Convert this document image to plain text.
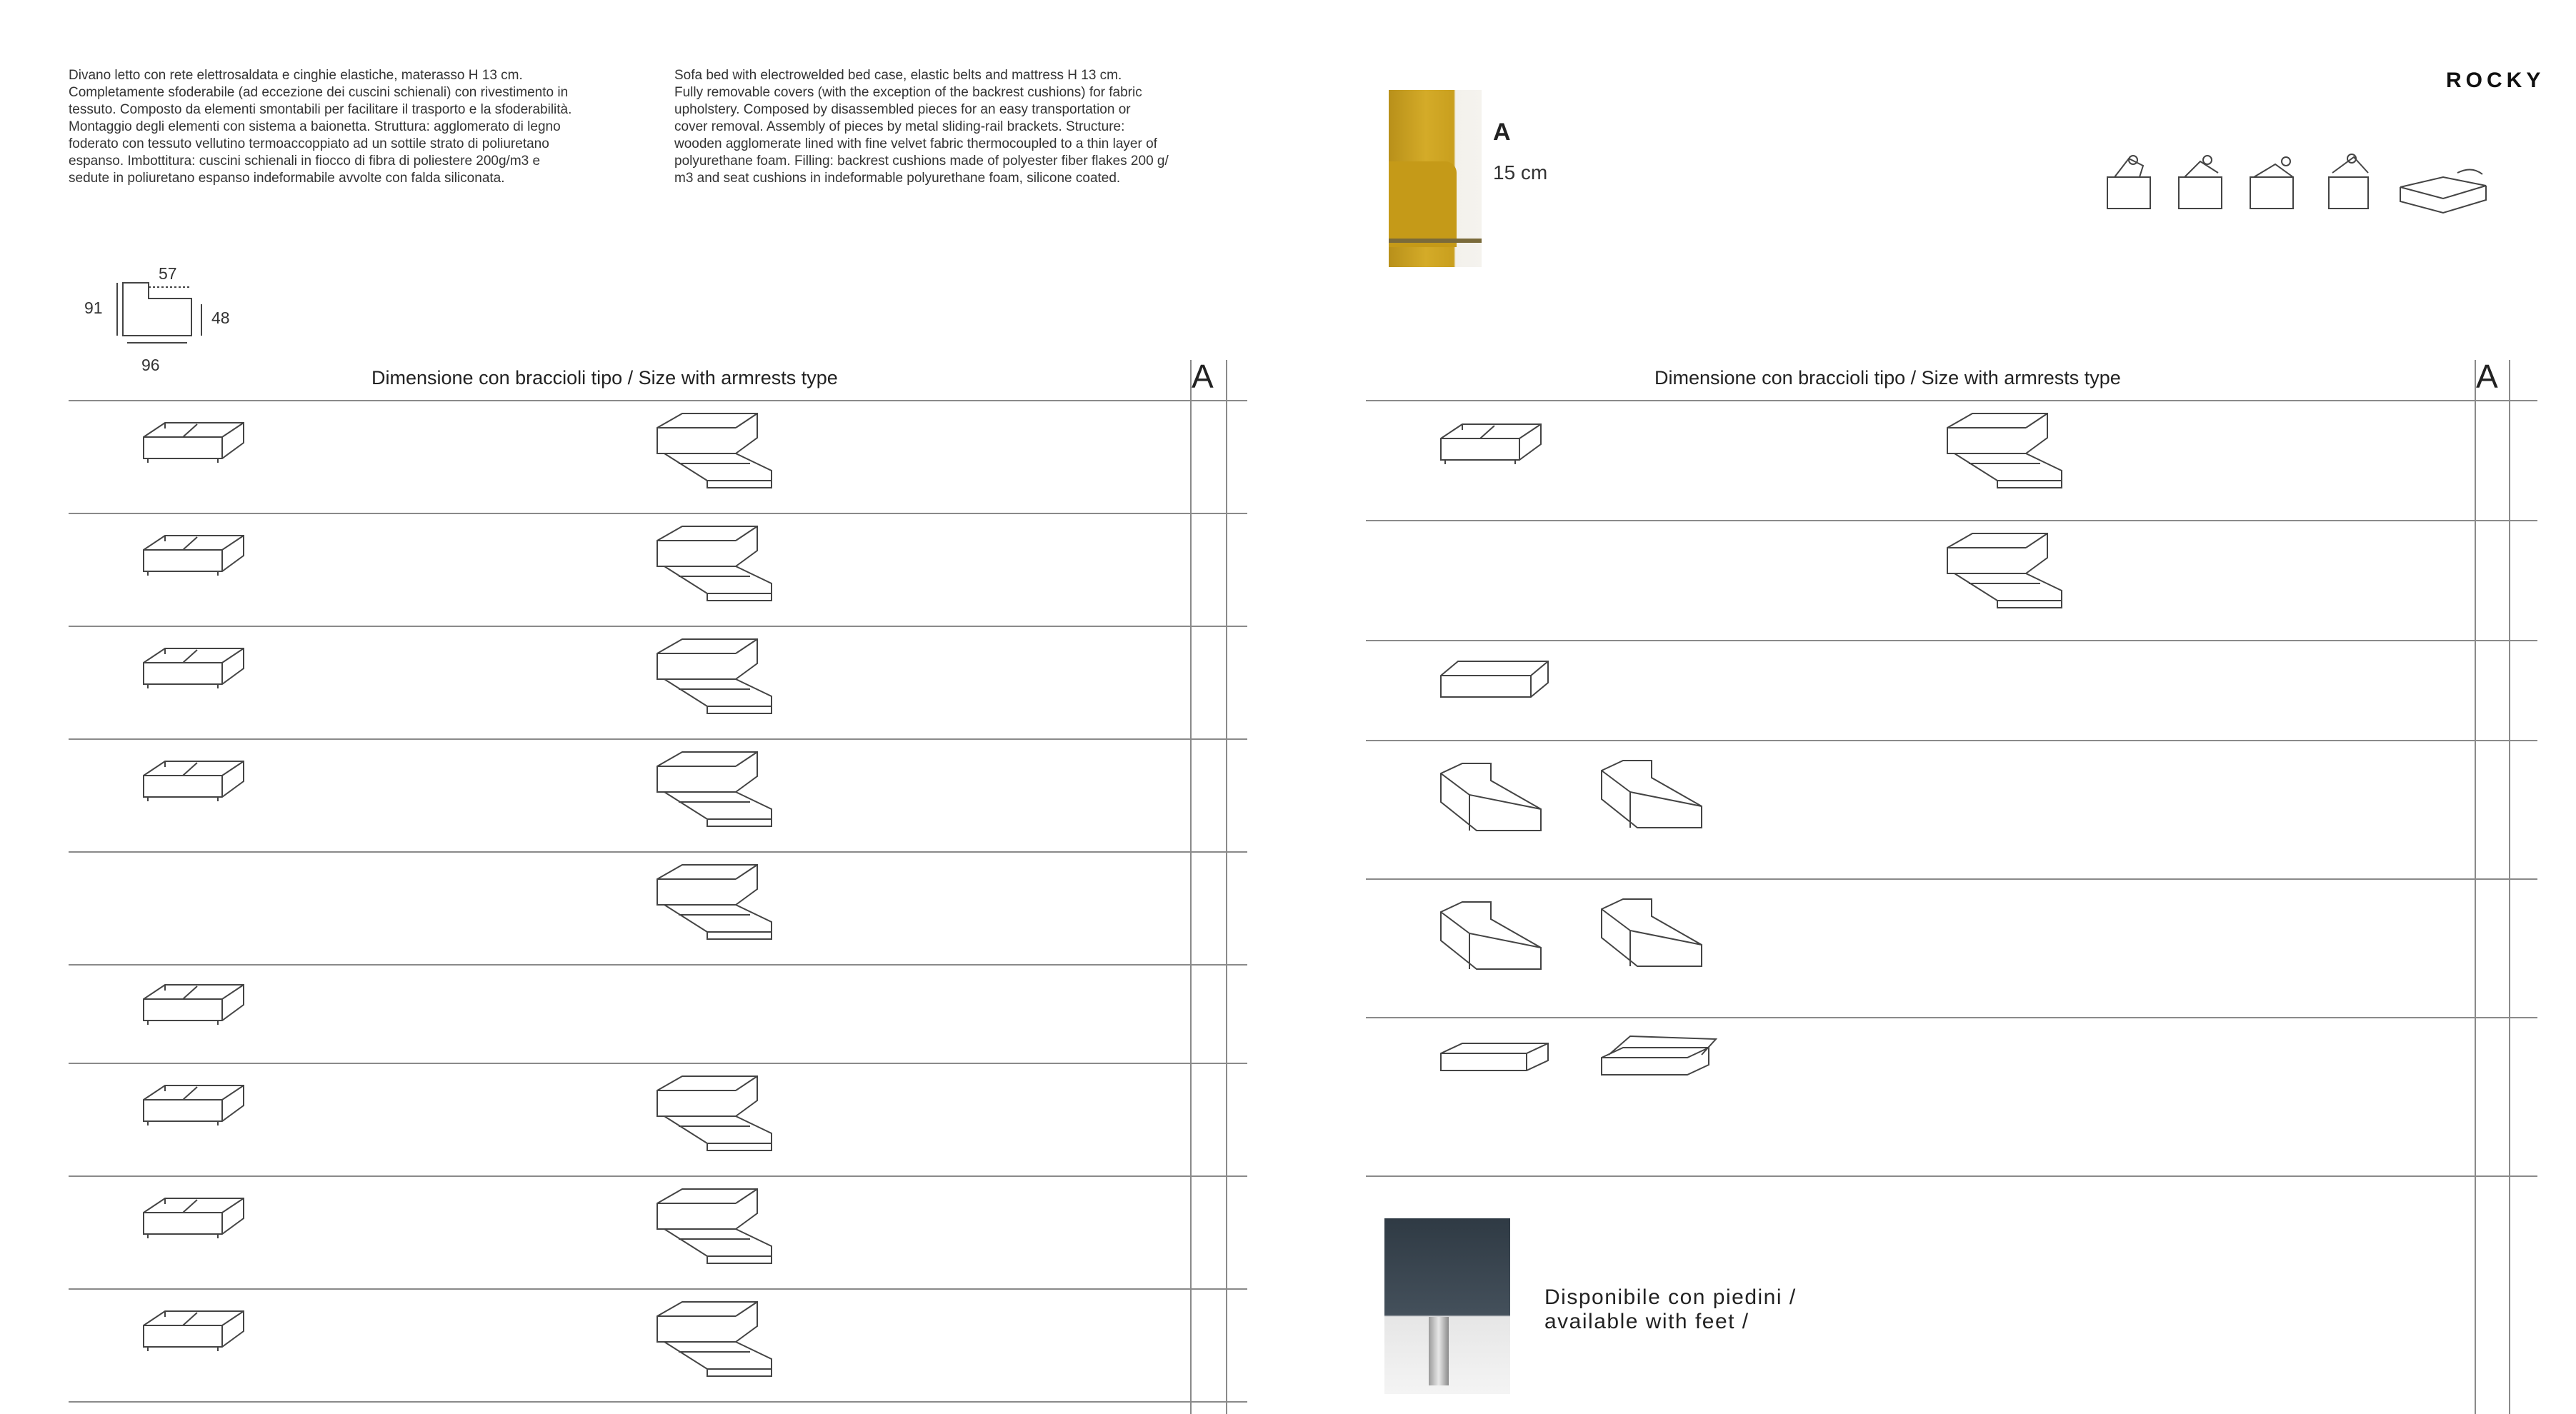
Divano letto con rete elettrosaldata e cinghie elastiche, materasso H 13 cm.
Completamente sfoderabile (ad eccezione dei cuscini schienali) con rivestimento in
tessuto. Composto da elementi smontabili per facilitare il trasporto e la sfoderabilità.
Montaggio degli elementi con sistema a baionetta. Struttura: agglomerato di legno
foderato con tessuto vellutino termoaccoppiato ad un sottile strato di poliuretano
espanso. Imbottitura: cuscini schienali in fiocco di fibra di poliestere 200g/m3 e
sedute in poliuretano espanso indeformabile avvolte con falda siliconata.
Sofa bed with electrowelded bed case, elastic belts and mattress H 13 cm.
Fully removable covers (with the exception of the backrest cushions) for fabric
upholstery. Composed by disassembled pieces for an easy transportation or
cover removal. Assembly of pieces by metal sliding-rail brackets. Structure:
wooden agglomerate lined with fine velvet fabric thermocoupled to a thin layer of
polyurethane foam. Filling: backrest cushions made of polyester fiber flakes 200 g/
m3 and seat cushions in indeformable polyurethane foam, silicone coated.
A
15 cm
ROCKY
57
91
48
96
Dimensione con braccioli tipo / Size with armrests type	A	Dimensione con braccioli tipo / Size with armrests type	A
Disponibile con piedini /
available with feet /
